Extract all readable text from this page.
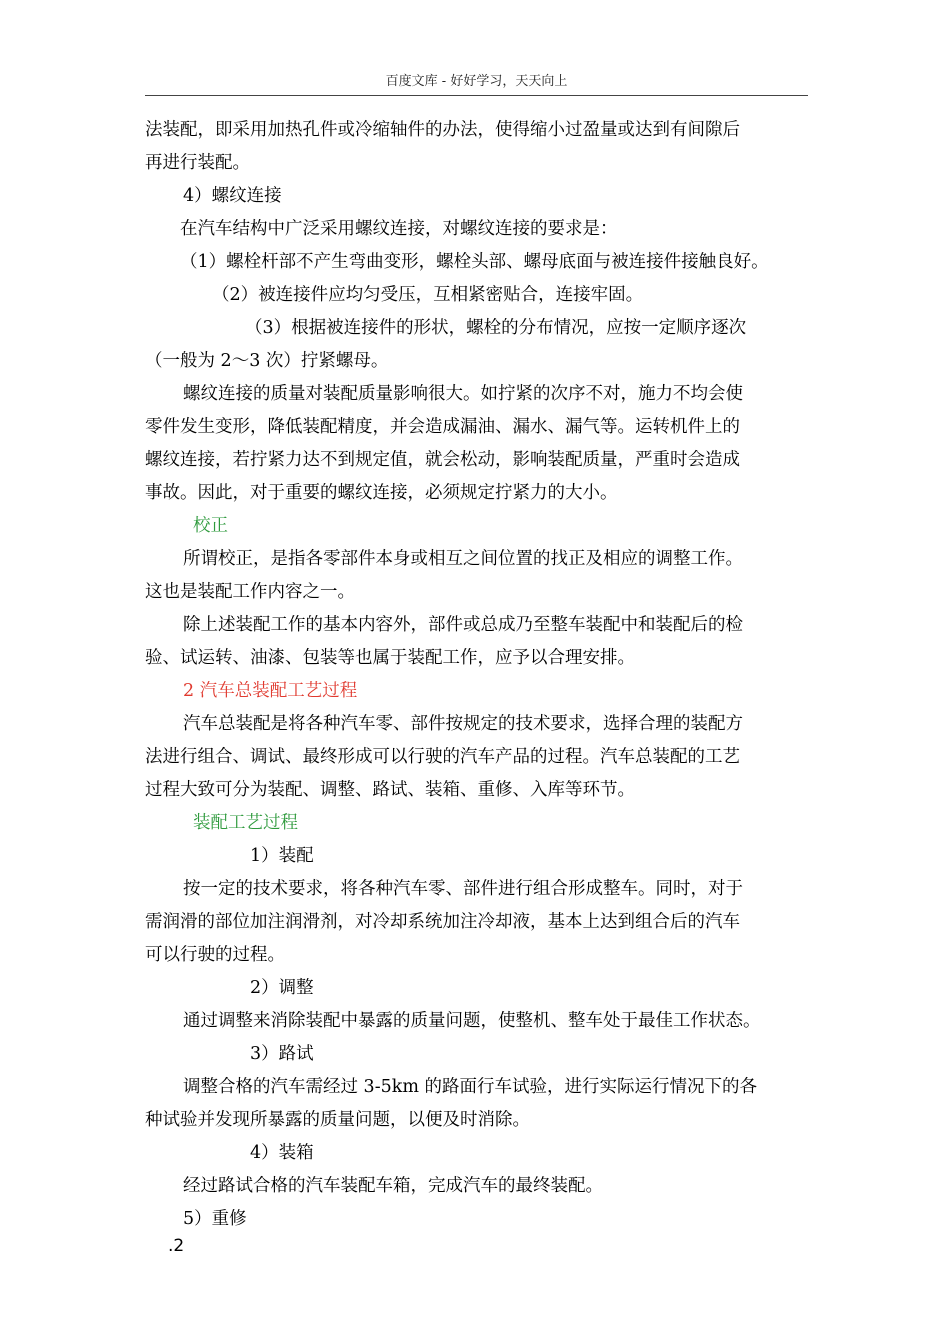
百度文库 - 好好学习，天天向上
法装配，即采用加热孔件或冷缩轴件的办法，使得缩小过盈量或达到有间隙后
再进行装配。
4）螺纹连接
在汽车结构中广泛采用螺纹连接，对螺纹连接的要求是：
（1）螺栓杆部不产生弯曲变形，螺栓头部、螺母底面与被连接件接触良好。
（2）被连接件应均匀受压，互相紧密贴合，连接牢固。
（3）根据被连接件的形状，螺栓的分布情况，应按一定顺序逐次
（一般为 2～3 次）拧紧螺母。
螺纹连接的质量对装配质量影响很大。如拧紧的次序不对，施力不均会使
零件发生变形，降低装配精度，并会造成漏油、漏水、漏气等。运转机件上的
螺纹连接，若拧紧力达不到规定值，就会松动，影响装配质量，严重时会造成
事故。因此，对于重要的螺纹连接，必须规定拧紧力的大小。
校正
所谓校正，是指各零部件本身或相互之间位置的找正及相应的调整工作。
这也是装配工作内容之一。
除上述装配工作的基本内容外，部件或总成乃至整车装配中和装配后的检
验、试运转、油漆、包装等也属于装配工作，应予以合理安排。
2 汽车总装配工艺过程
汽车总装配是将各种汽车零、部件按规定的技术要求，选择合理的装配方
法进行组合、调试、最终形成可以行驶的汽车产品的过程。汽车总装配的工艺
过程大致可分为装配、调整、路试、装箱、重修、入库等环节。
装配工艺过程
1）装配
按一定的技术要求，将各种汽车零、部件进行组合形成整车。同时，对于
需润滑的部位加注润滑剂，对冷却系统加注冷却液，基本上达到组合后的汽车
可以行驶的过程。
2）调整
通过调整来消除装配中暴露的质量问题，使整机、整车处于最佳工作状态。
3）路试
调整合格的汽车需经过 3-5km 的路面行车试验，进行实际运行情况下的各
种试验并发现所暴露的质量问题，以便及时消除。
4）装箱
经过路试合格的汽车装配车箱，完成汽车的最终装配。
5）重修
.2
